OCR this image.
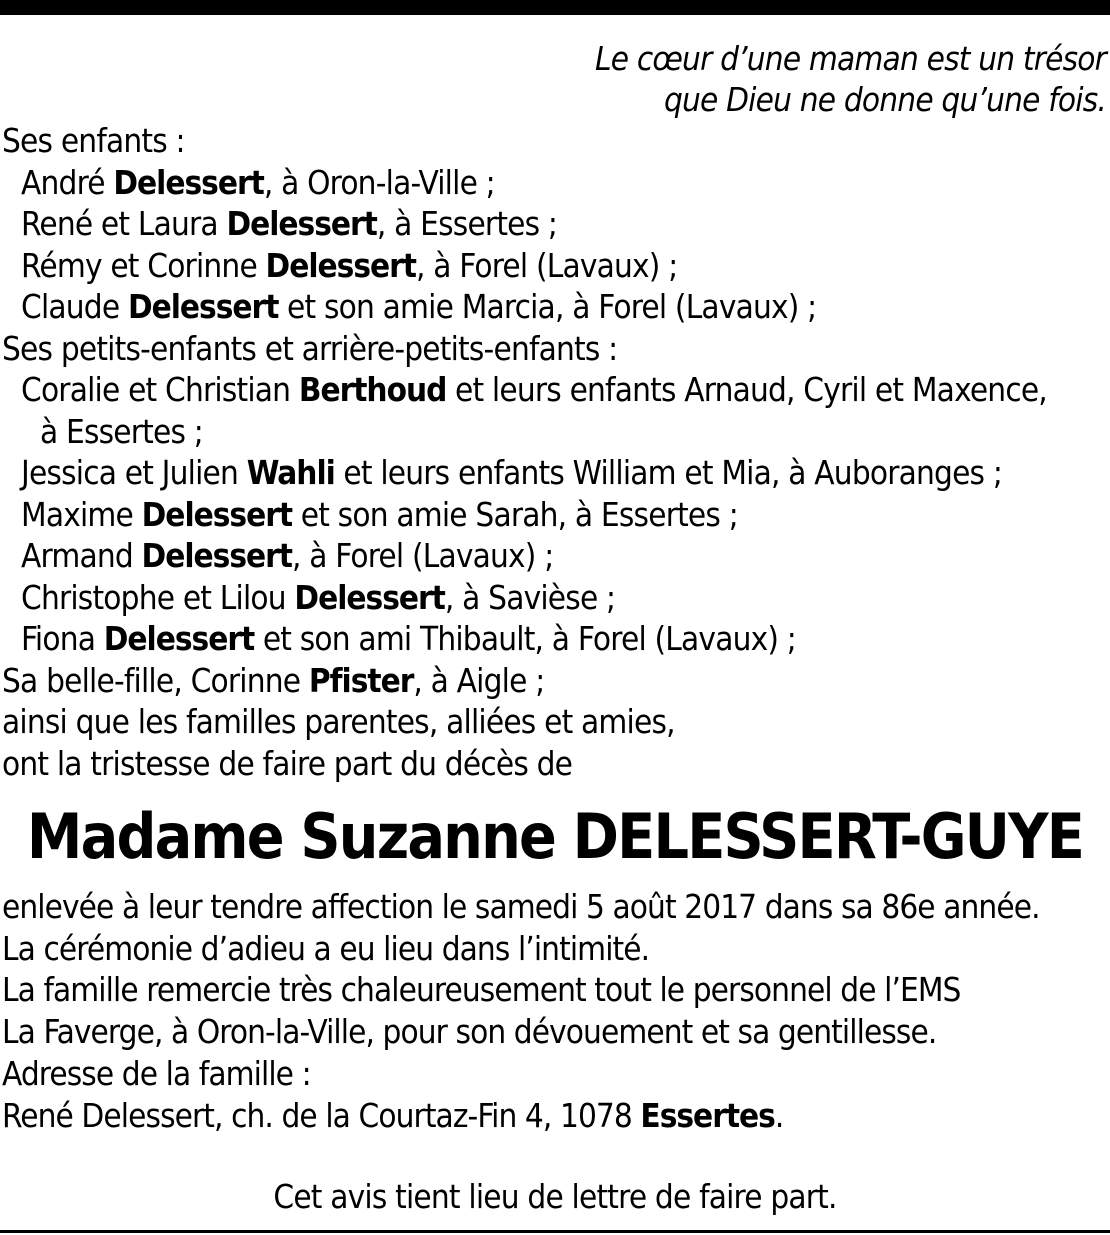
Le cœur d’une maman est un trésor
que Dieu ne donne qu’une fois.
Ses enfants :
André Delessert, à Oron-la-Ville ;
René et Laura Delessert, à Essertes ;
Rémy et Corinne Delessert, à Forel (Lavaux) ;
Claude Delessert et son amie Marcia, à Forel (Lavaux) ;
Ses petits-enfants et arrière-petits-enfants :
Coralie et Christian Berthoud et leurs enfants Arnaud, Cyril et Maxence,
à Essertes ;
Jessica et Julien Wahli et leurs enfants William et Mia, à Auboranges ;
Maxime Delessert et son amie Sarah, à Essertes ;
Armand Delessert, à Forel (Lavaux) ;
Christophe et Lilou Delessert, à Savièse ;
Fiona Delessert et son ami Thibault, à Forel (Lavaux) ;
Sa belle-fille, Corinne Pfister, à Aigle ;
ainsi que les familles parentes, alliées et amies,
ont la tristesse de faire part du décès de
Madame Suzanne DELESSERT-GUYE
enlevée à leur tendre affection le samedi 5 août 2017 dans sa 86e année.
La cérémonie d’adieu a eu lieu dans l’intimité.
La famille remercie très chaleureusement tout le personnel de l’EMS
La Faverge, à Oron-la-Ville, pour son dévouement et sa gentillesse.
Adresse de la famille :
René Delessert, ch. de la Courtaz-Fin 4, 1078 Essertes.
Cet avis tient lieu de lettre de faire part.
